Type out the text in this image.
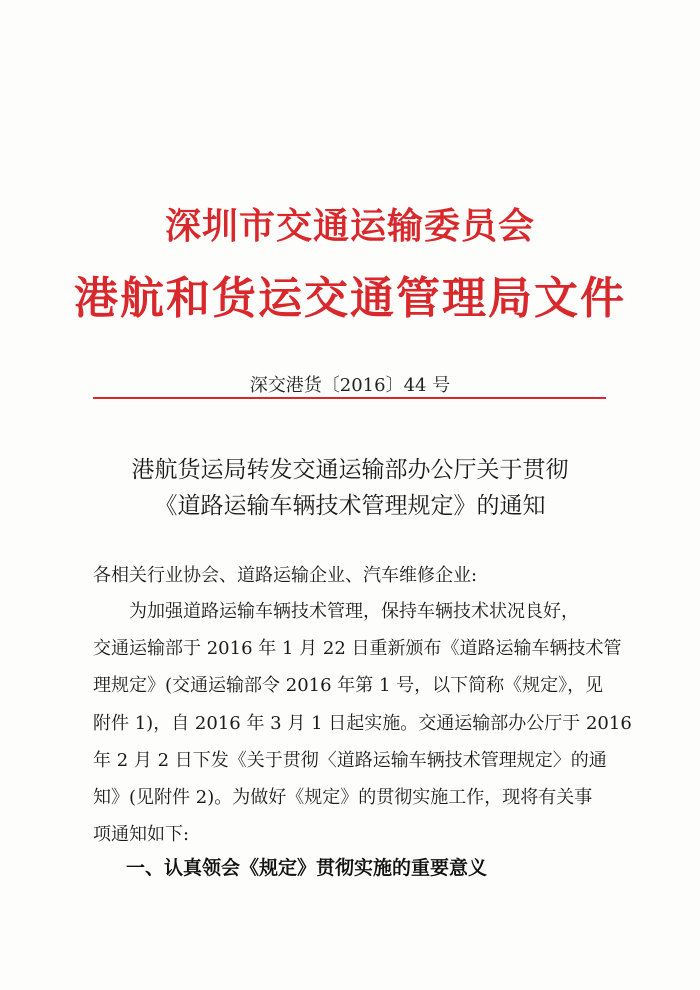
深圳市交通运输委员会
港航和货运交通管理局文件
深交港货〔2016〕44 号
港航货运局转发交通运输部办公厅关于贯彻
《道路运输车辆技术管理规定》的通知
各相关行业协会、道路运输企业、汽车维修企业:
为加强道路运输车辆技术管理，保持车辆技术状况良好，
交通运输部于 2016 年 1 月 22 日重新颁布《道路运输车辆技术管
理规定》(交通运输部令 2016 年第 1 号，以下简称《规定》，见
附件 1)，自 2016 年 3 月 1 日起实施。交通运输部办公厅于 2016
年 2 月 2 日下发《关于贯彻〈道路运输车辆技术管理规定〉的通
知》(见附件 2)。为做好《规定》的贯彻实施工作，现将有关事
项通知如下:
一、认真领会《规定》贯彻实施的重要意义
